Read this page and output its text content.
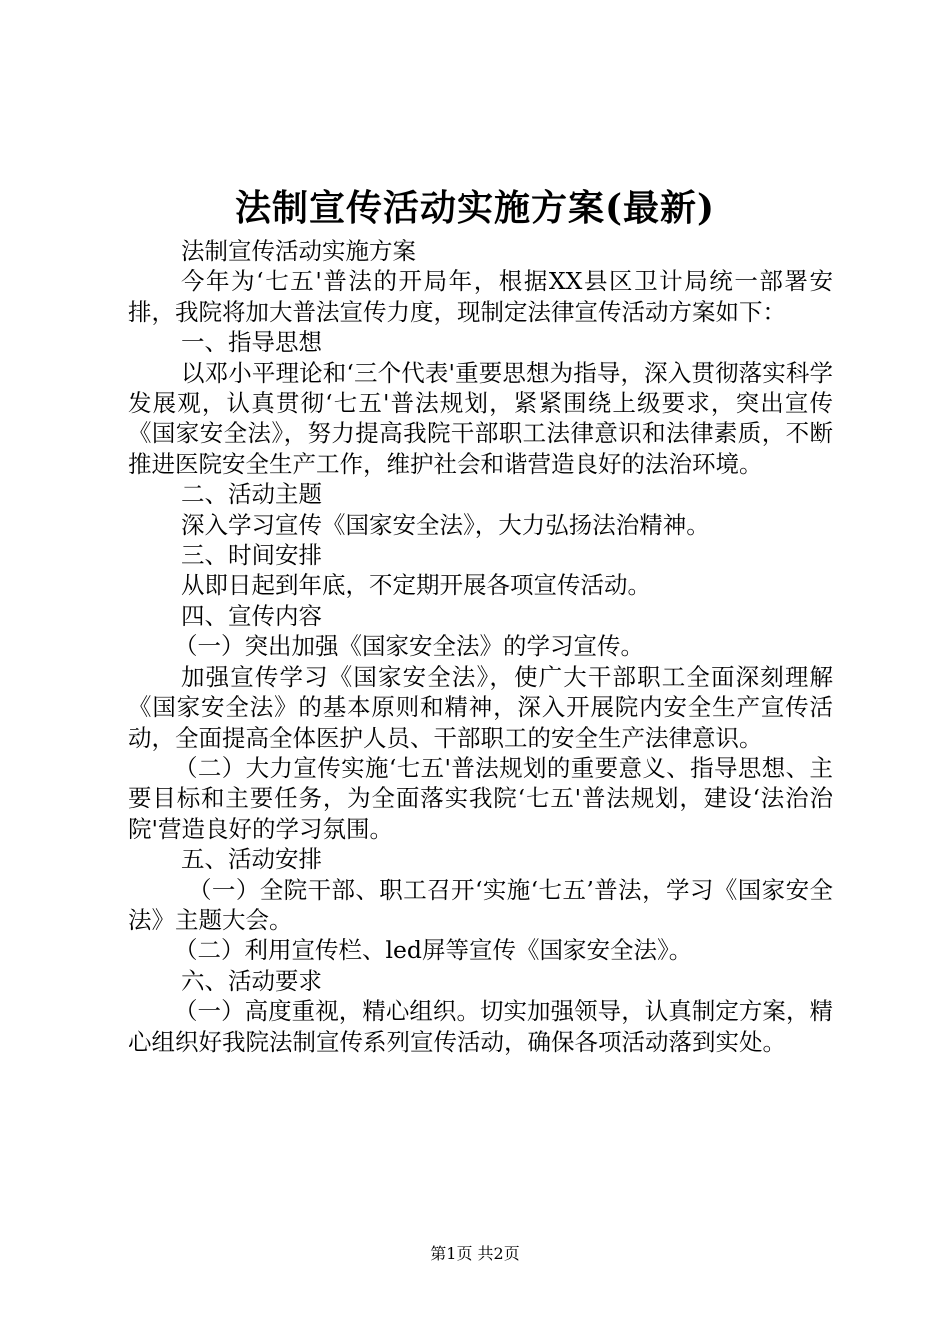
法制宣传活动实施方案(最新)

法制宣传活动实施方案

今年为‘七五'普法的开局年，根据XX县区卫计局统一部署安排，我院将加大普法宣传力度，现制定法律宣传活动方案如下：

一、指导思想

以邓小平理论和‘三个代表'重要思想为指导，深入贯彻落实科学发展观，认真贯彻‘七五'普法规划，紧紧围绕上级要求，突出宣传《国家安全法》，努力提高我院干部职工法律意识和法律素质，不断推进医院安全生产工作，维护社会和谐营造良好的法治环境。

二、活动主题

深入学习宣传《国家安全法》，大力弘扬法治精神。

三、时间安排

从即日起到年底，不定期开展各项宣传活动。

四、宣传内容

（一）突出加强《国家安全法》的学习宣传。

加强宣传学习《国家安全法》，使广大干部职工全面深刻理解《国家安全法》的基本原则和精神，深入开展院内安全生产宣传活动，全面提高全体医护人员、干部职工的安全生产法律意识。

（二）大力宣传实施‘七五'普法规划的重要意义、指导思想、主要目标和主要任务，为全面落实我院‘七五'普法规划，建设‘法治治院'营造良好的学习氛围。

五、活动安排

（一）全院干部、职工召开‘实施‘七五’普法，学习《国家安全法》主题大会。

（二）利用宣传栏、led屏等宣传《国家安全法》。

六、活动要求

（一）高度重视，精心组织。切实加强领导，认真制定方案，精心组织好我院法制宣传系列宣传活动，确保各项活动落到实处。

第1页 共2页
